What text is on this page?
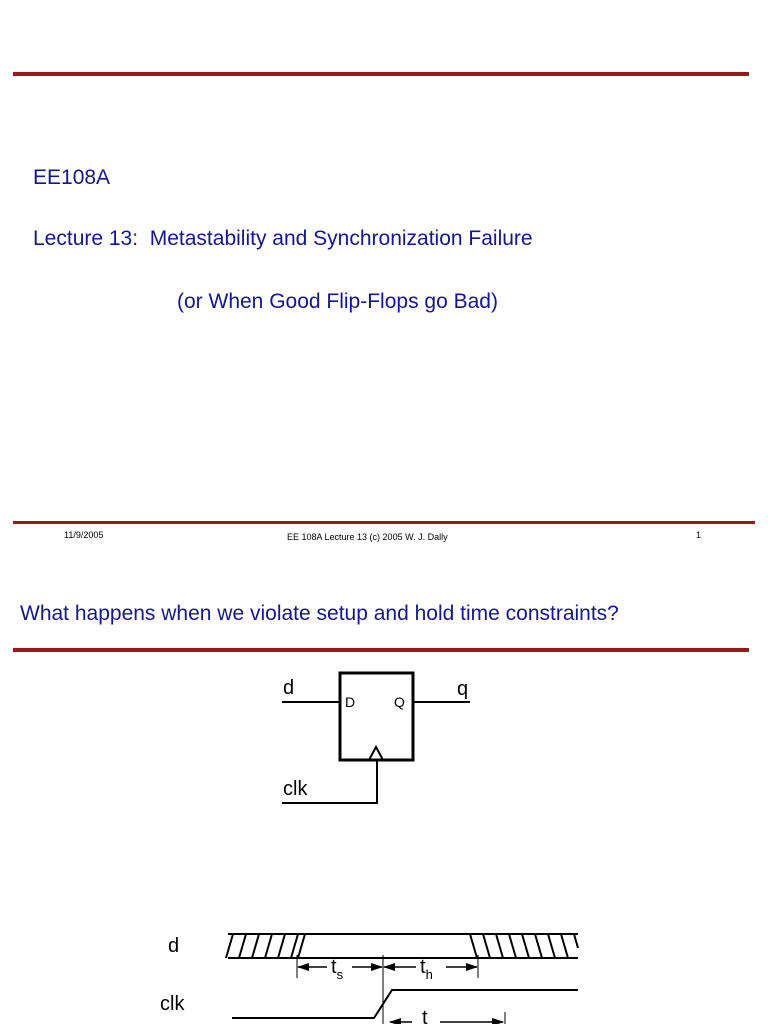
EE108A
Lecture 13:  Metastability and Synchronization Failure
(or When Good Flip-Flops go Bad)
11/9/2005	EE 108A Lecture 13 (c) 2005 W. J. Dally	1
What happens when we violate setup and hold time constraints?
d	q
D	Q
clk
d
clk
$t_s$	$t_h$
t
